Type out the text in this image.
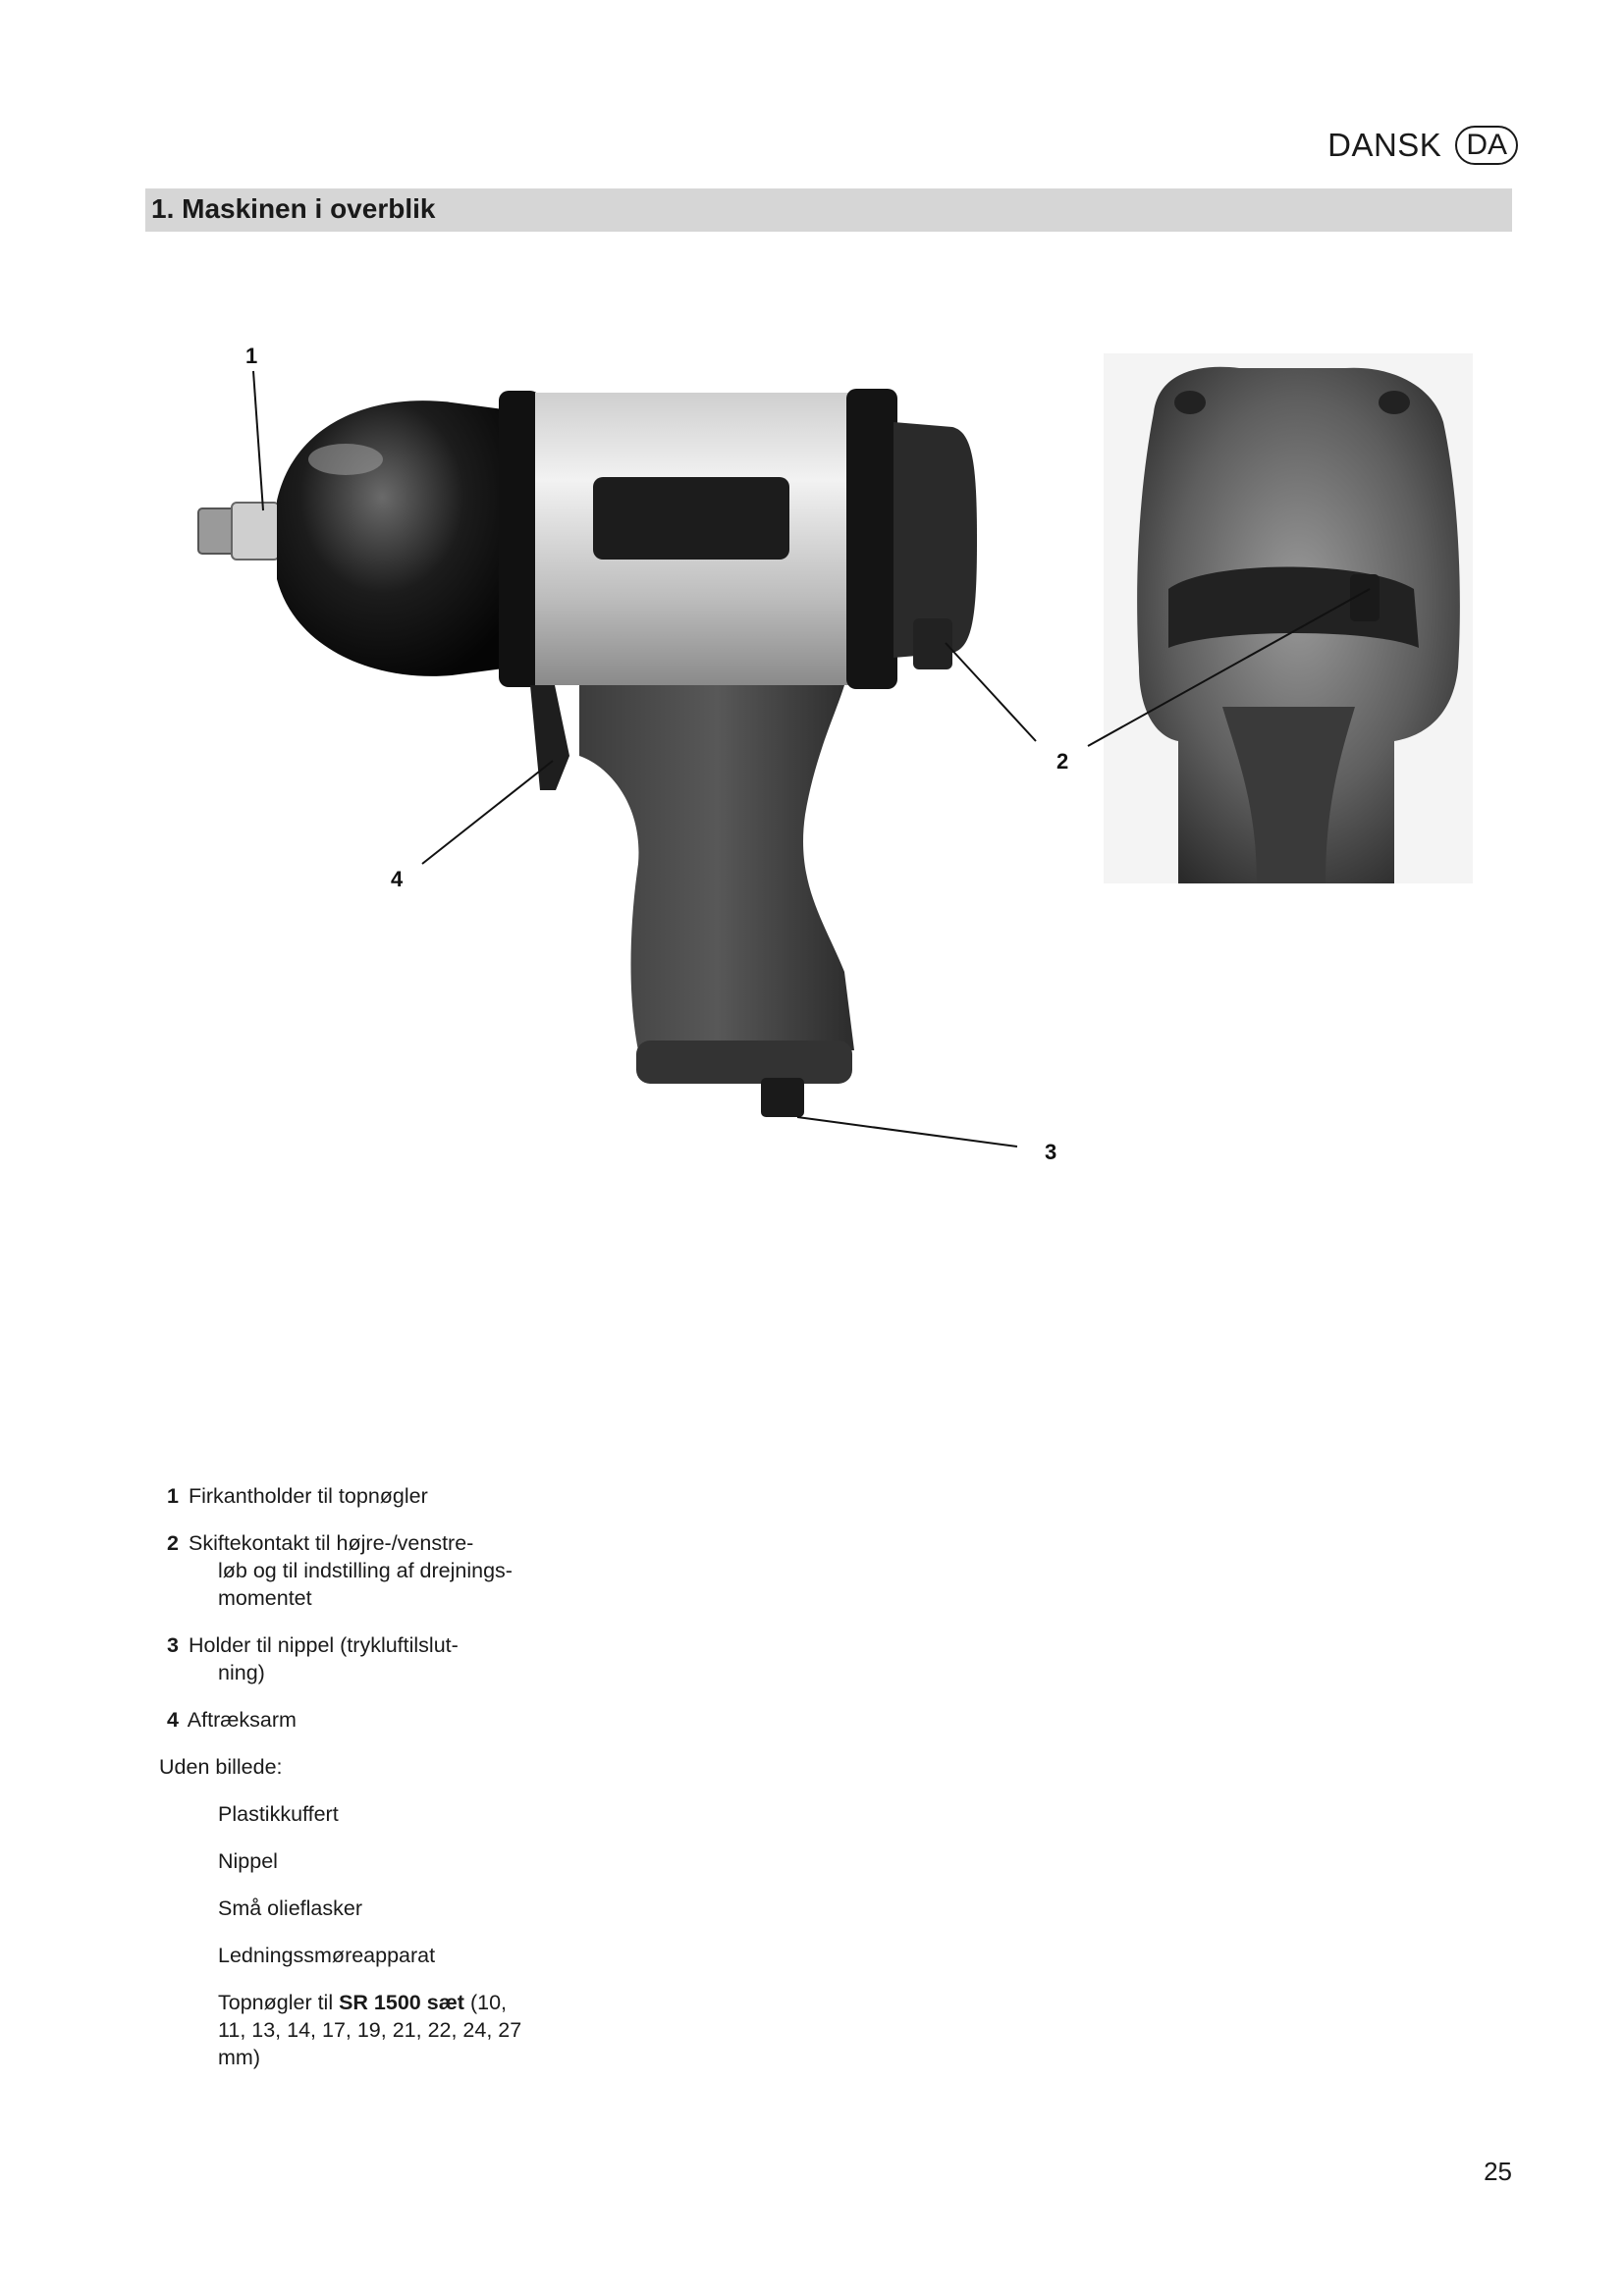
DANSK DA
1. Maskinen i overblik
1
2
3
4
1 Firkantholder til topnøgler
2 Skiftekontakt til højre-/venstre-
løb og til indstilling af drejnings- momentet
3 Holder til nippel (trykluftilslut-
ning)
4 Aftræksarm
Uden billede:
Plastikkuffert
Nippel
Små olieflasker
Ledningssmøreapparat
Topnøgler til SR 1500 sæt (10, 11, 13, 14, 17, 19, 21, 22, 24, 27 mm)
25
